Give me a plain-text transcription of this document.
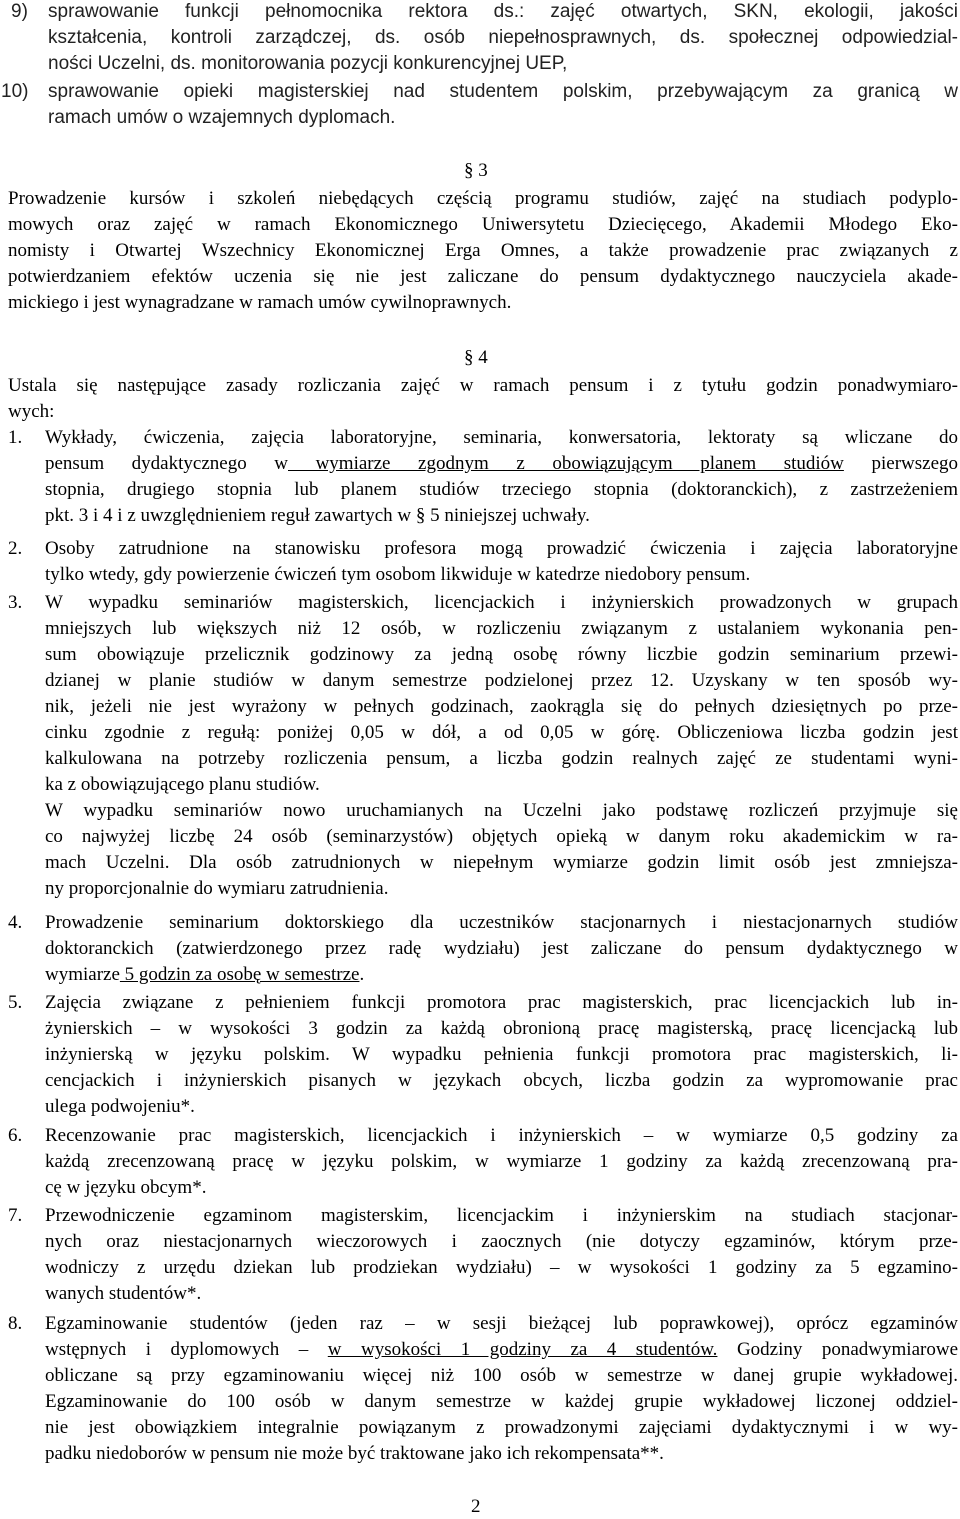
9) sprawowanie funkcji pełnomocnika rektora ds.: zajęć otwartych, SKN, ekologii, jakości
kształcenia, kontroli zarządczej, ds. osób niepełnosprawnych, ds. społecznej odpowiedzial-
ności Uczelni, ds. monitorowania pozycji konkurencyjnej UEP,
10) sprawowanie opieki magisterskiej nad studentem polskim, przebywającym za granicą w
ramach umów o wzajemnych dyplomach.
§ 3
Prowadzenie kursów i szkoleń niebędących częścią programu studiów, zajęć na studiach podyplo-
mowych oraz zajęć w ramach Ekonomicznego Uniwersytetu Dziecięcego, Akademii Młodego Eko-
nomisty i Otwartej Wszechnicy Ekonomicznej Erga Omnes, a także prowadzenie prac związanych z
potwierdzaniem efektów uczenia się nie jest zaliczane do pensum dydaktycznego nauczyciela akade-
mickiego i jest wynagradzane w ramach umów cywilnoprawnych.
§ 4
Ustala się następujące zasady rozliczania zajęć w ramach pensum i z tytułu godzin ponadwymiaro-
wych:
1. Wykłady, ćwiczenia, zajęcia laboratoryjne, seminaria, konwersatoria, lektoraty są wliczane do
pensum dydaktycznego w wymiarze zgodnym z obowiązującym planem studiów pierwszego
stopnia, drugiego stopnia lub planem studiów trzeciego stopnia (doktoranckich), z zastrzeżeniem
pkt. 3 i 4 i z uwzględnieniem reguł zawartych w § 5 niniejszej uchwały.
2. Osoby zatrudnione na stanowisku profesora mogą prowadzić ćwiczenia i zajęcia laboratoryjne
tylko wtedy, gdy powierzenie ćwiczeń tym osobom likwiduje w katedrze niedobory pensum.
3. W wypadku seminariów magisterskich, licencjackich i inżynierskich prowadzonych w grupach
mniejszych lub większych niż 12 osób, w rozliczeniu związanym z ustalaniem wykonania pen-
sum obowiązuje przelicznik godzinowy za jedną osobę równy liczbie godzin seminarium przewi-
dzianej w planie studiów w danym semestrze podzielonej przez 12. Uzyskany w ten sposób wy-
nik, jeżeli nie jest wyrażony w pełnych godzinach, zaokrągla się do pełnych dziesiętnych po prze-
cinku zgodnie z regułą: poniżej 0,05 w dół, a od 0,05 w górę. Obliczeniowa liczba godzin jest
kalkulowana na potrzeby rozliczenia pensum, a liczba godzin realnych zajęć ze studentami wyni-
ka z obowiązującego planu studiów.
W wypadku seminariów nowo uruchamianych na Uczelni jako podstawę rozliczeń przyjmuje się
co najwyżej liczbę 24 osób (seminarzystów) objętych opieką w danym roku akademickim w ra-
mach Uczelni. Dla osób zatrudnionych w niepełnym wymiarze godzin limit osób jest zmniejsza-
ny proporcjonalnie do wymiaru zatrudnienia.
4. Prowadzenie seminarium doktorskiego dla uczestników stacjonarnych i niestacjonarnych studiów
doktoranckich (zatwierdzonego przez radę wydziału) jest zaliczane do pensum dydaktycznego w
wymiarze 5 godzin za osobę w semestrze.
5. Zajęcia związane z pełnieniem funkcji promotora prac magisterskich, prac licencjackich lub in-
żynierskich – w wysokości 3 godzin za każdą obronioną pracę magisterską, pracę licencjacką lub
inżynierską w języku polskim. W wypadku pełnienia funkcji promotora prac magisterskich, li-
cencjackich i inżynierskich pisanych w językach obcych, liczba godzin za wypromowanie prac
ulega podwojeniu*.
6. Recenzowanie prac magisterskich, licencjackich i inżynierskich – w wymiarze 0,5 godziny za
każdą zrecenzowaną pracę w języku polskim, w wymiarze 1 godziny za każdą zrecenzowaną pra-
cę w języku obcym*.
7. Przewodniczenie egzaminom magisterskim, licencjackim i inżynierskim na studiach stacjonar-
nych oraz niestacjonarnych wieczorowych i zaocznych (nie dotyczy egzaminów, którym prze-
wodniczy z urzędu dziekan lub prodziekan wydziału) – w wysokości 1 godziny za 5 egzamino-
wanych studentów*.
8. Egzaminowanie studentów (jeden raz – w sesji bieżącej lub poprawkowej), oprócz egzaminów
wstępnych i dyplomowych – w wysokości 1 godziny za 4 studentów. Godziny ponadwymiarowe
obliczane są przy egzaminowaniu więcej niż 100 osób w semestrze w danej grupie wykładowej.
Egzaminowanie do 100 osób w danym semestrze w każdej grupie wykładowej liczonej oddziel-
nie jest obowiązkiem integralnie powiązanym z prowadzonymi zajęciami dydaktycznymi i w wy-
padku niedoborów w pensum nie może być traktowane jako ich rekompensata**.
2
